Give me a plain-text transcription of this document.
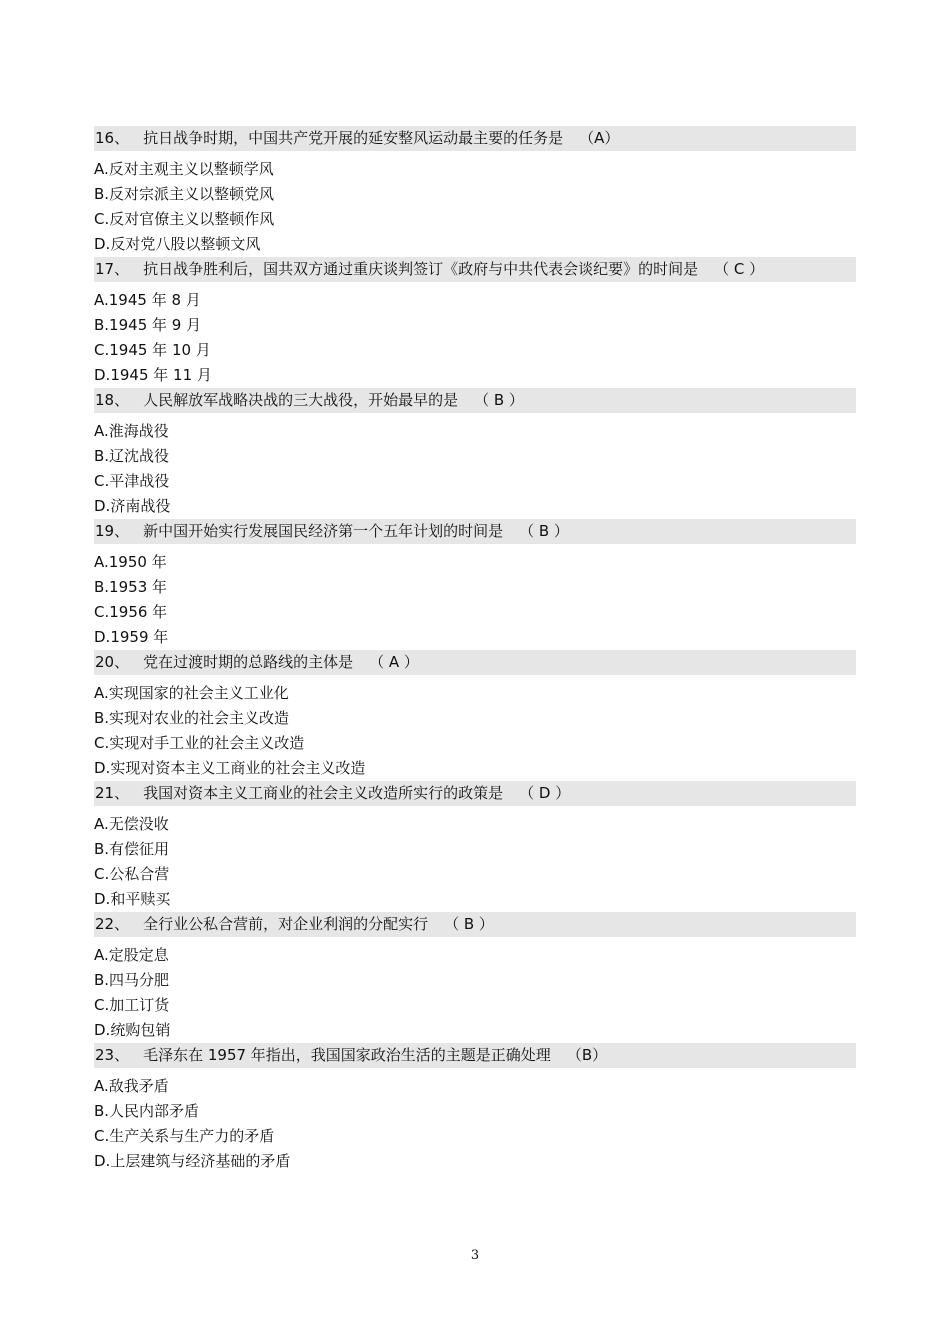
16、 抗日战争时期，中国共产党开展的延安整风运动最主要的任务是 （A）
A.反对主观主义以整顿学风
B.反对宗派主义以整顿党风
C.反对官僚主义以整顿作风
D.反对党八股以整顿文风
17、 抗日战争胜利后，国共双方通过重庆谈判签订《政府与中共代表会谈纪要》的时间是 （ C ）
A.1945 年 8 月
B.1945 年 9 月
C.1945 年 10 月
D.1945 年 11 月
18、 人民解放军战略决战的三大战役，开始最早的是 （ B ）
A.淮海战役
B.辽沈战役
C.平津战役
D.济南战役
19、 新中国开始实行发展国民经济第一个五年计划的时间是 （ B ）
A.1950 年
B.1953 年
C.1956 年
D.1959 年
20、 党在过渡时期的总路线的主体是 （ A ）
A.实现国家的社会主义工业化
B.实现对农业的社会主义改造
C.实现对手工业的社会主义改造
D.实现对资本主义工商业的社会主义改造
21、 我国对资本主义工商业的社会主义改造所实行的政策是 （ D ）
A.无偿没收
B.有偿征用
C.公私合营
D.和平赎买
22、 全行业公私合营前，对企业利润的分配实行 （ B ）
A.定股定息
B.四马分肥
C.加工订货
D.统购包销
23、 毛泽东在 1957 年指出，我国国家政治生活的主题是正确处理 （B）
A.敌我矛盾
B.人民内部矛盾
C.生产关系与生产力的矛盾
D.上层建筑与经济基础的矛盾
3
